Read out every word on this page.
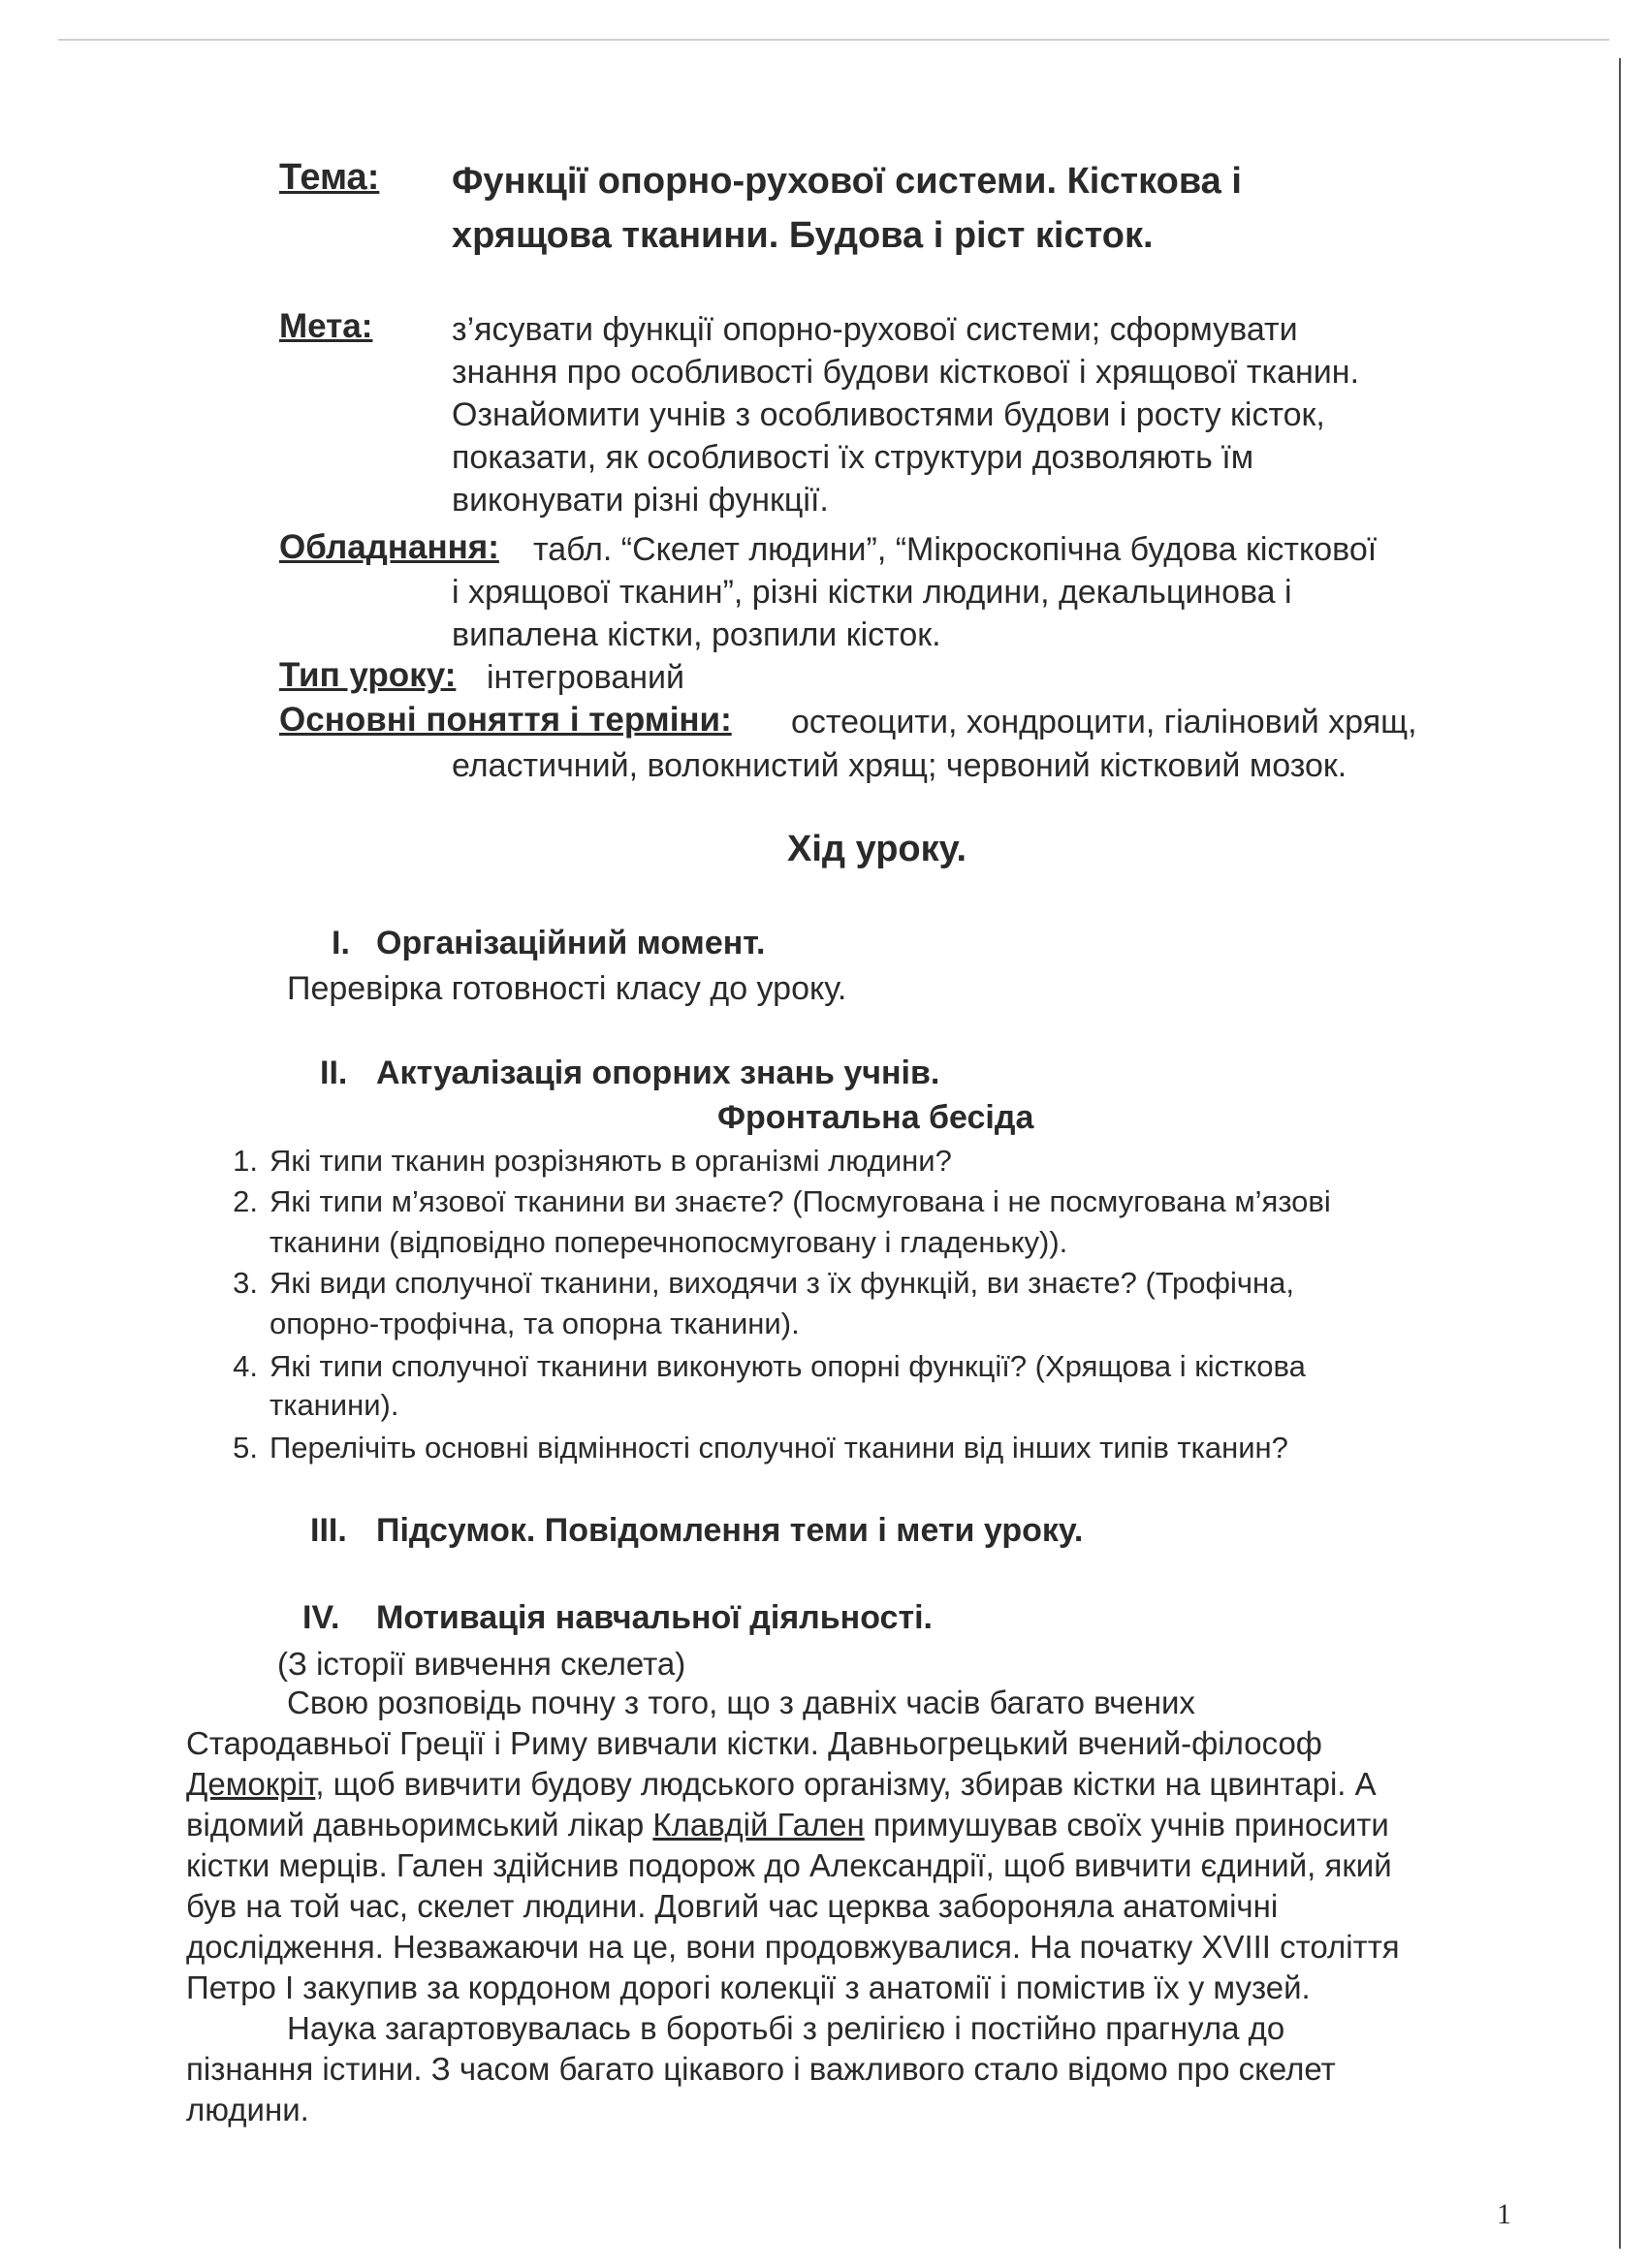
Тема: Функції опорно-рухової системи. Кісткова і
хрящова тканини. Будова і ріст кісток.
Мета: з’ясувати функції опорно-рухової системи; сформувати
знання про особливості будови кісткової і хрящової тканин.
Ознайомити учнів з особливостями будови і росту кісток,
показати, як особливості їх структури дозволяють їм
виконувати різні функції.
Обладнання: табл. “Скелет людини”, “Мікроскопічна будова кісткової
і хрящової тканин”, різні кістки людини, декальцинова і
випалена кістки, розпили кісток.
Тип уроку: інтегрований
Основні поняття і терміни: остеоцити, хондроцити, гіаліновий хрящ,
еластичний, волокнистий хрящ; червоний кістковий мозок.
Хід уроку.
I. Організаційний момент.
Перевірка готовності класу до уроку.
II. Актуалізація опорних знань учнів.
Фронтальна бесіда
1. Які типи тканин розрізняють в організмі людини?
2. Які типи м’язової тканини ви знаєте? (Посмугована і не посмугована м’язові
тканини (відповідно поперечнопосмуговану і гладеньку)).
3. Які види сполучної тканини, виходячи з їх функцій, ви знаєте? (Трофічна,
опорно-трофічна, та опорна тканини).
4. Які типи сполучної тканини виконують опорні функції? (Хрящова і кісткова
тканини).
5. Перелічіть основні відмінності сполучної тканини від інших типів тканин?
III. Підсумок. Повідомлення теми і мети уроку.
IV. Мотивація навчальної діяльності.
(З історії вивчення скелета)
Свою розповідь почну з того, що з давніх часів багато вчених
Стародавньої Греції і Риму вивчали кістки. Давньогрецький вчений-філософ
Демокріт, щоб вивчити будову людського організму, збирав кістки на цвинтарі. А
відомий давньоримський лікар Клавдій Гален примушував своїх учнів приносити
кістки мерців. Гален здійснив подорож до Александрії, щоб вивчити єдиний, який
був на той час, скелет людини. Довгий час церква забороняла анатомічні
дослідження. Незважаючи на це, вони продовжувалися. На початку XVIII століття
Петро I закупив за кордоном дорогі колекції з анатомії і помістив їх у музей.
Наука загартовувалась в боротьбі з релігією і постійно прагнула до
пізнання істини. З часом багато цікавого і важливого стало відомо про скелет
людини.
1
